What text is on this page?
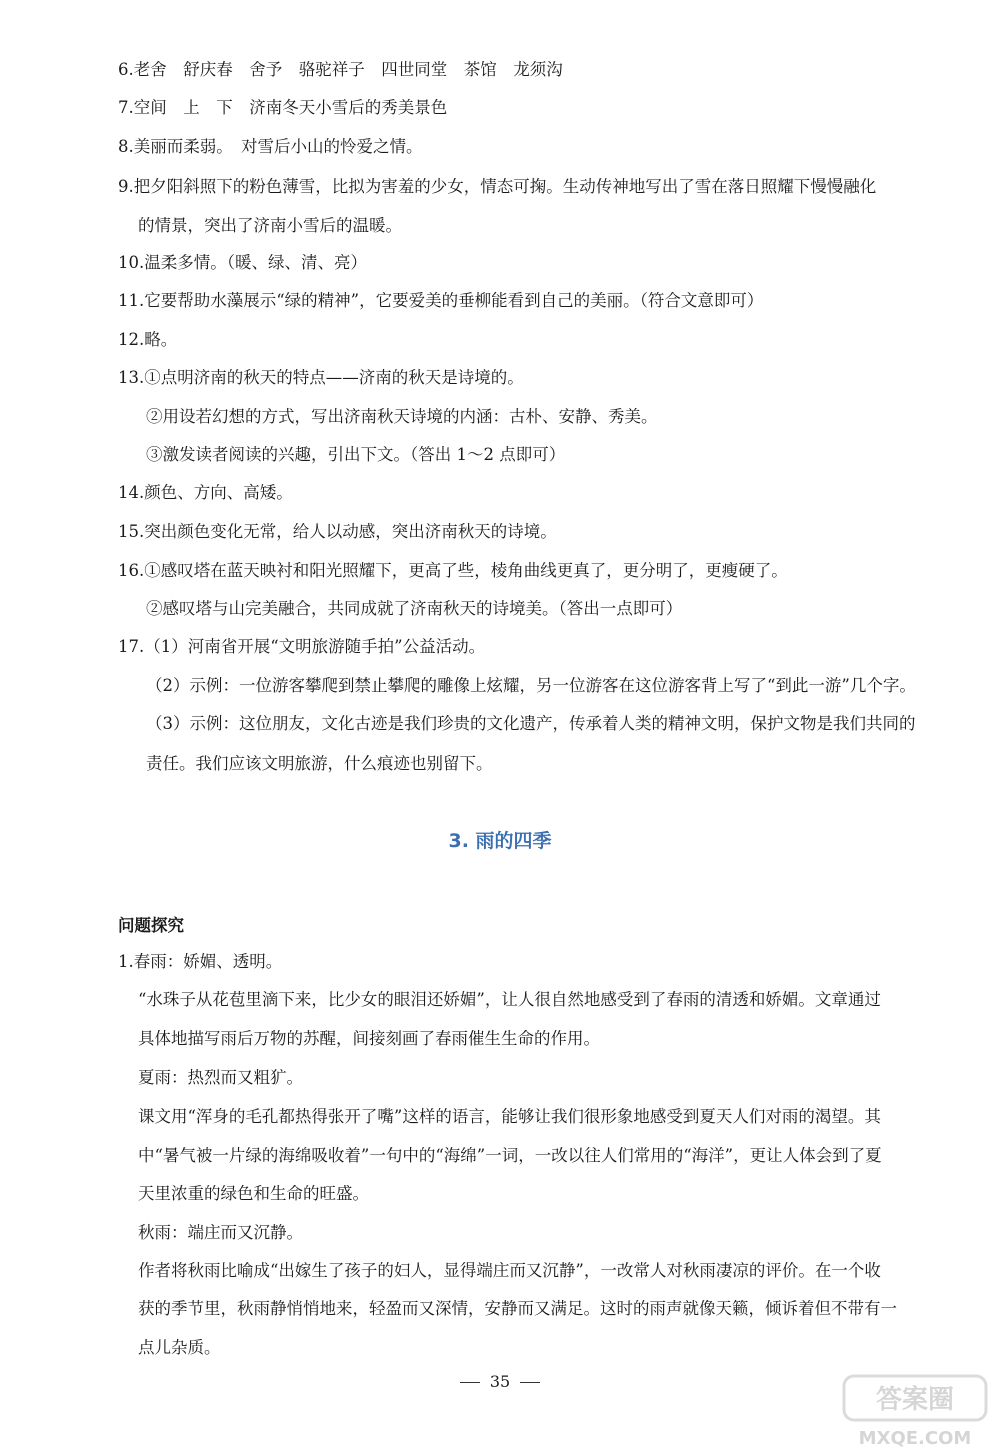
6.老舍　舒庆春　舍予　骆驼祥子　四世同堂　茶馆　龙须沟
7.空间　上　下　济南冬天小雪后的秀美景色
8.美丽而柔弱。　对雪后小山的怜爱之情。
9.把夕阳斜照下的粉色薄雪，比拟为害羞的少女，情态可掬。生动传神地写出了雪在落日照耀下慢慢融化
的情景，突出了济南小雪后的温暖。
10.温柔多情。（暖、绿、清、亮）
11.它要帮助水藻展示“绿的精神”，它要爱美的垂柳能看到自己的美丽。（符合文意即可）
12.略。
13.①点明济南的秋天的特点——济南的秋天是诗境的。
②用设若幻想的方式，写出济南秋天诗境的内涵：古朴、安静、秀美。
③激发读者阅读的兴趣，引出下文。（答出 1～2 点即可）
14.颜色、方向、高矮。
15.突出颜色变化无常，给人以动感，突出济南秋天的诗境。
16.①感叹塔在蓝天映衬和阳光照耀下，更高了些，棱角曲线更真了，更分明了，更瘦硬了。
②感叹塔与山完美融合，共同成就了济南秋天的诗境美。（答出一点即可）
17.（1）河南省开展“文明旅游随手拍”公益活动。
（2）示例：一位游客攀爬到禁止攀爬的雕像上炫耀，另一位游客在这位游客背上写了“到此一游”几个字。
（3）示例：这位朋友，文化古迹是我们珍贵的文化遗产，传承着人类的精神文明，保护文物是我们共同的
责任。我们应该文明旅游，什么痕迹也别留下。
3. 雨的四季
问题探究
1.春雨：娇媚、透明。
“水珠子从花苞里滴下来，比少女的眼泪还娇媚”，让人很自然地感受到了春雨的清透和娇媚。文章通过
具体地描写雨后万物的苏醒，间接刻画了春雨催生生命的作用。
夏雨：热烈而又粗犷。
课文用“浑身的毛孔都热得张开了嘴”这样的语言，能够让我们很形象地感受到夏天人们对雨的渴望。其
中“暑气被一片绿的海绵吸收着”一句中的“海绵”一词，一改以往人们常用的“海洋”，更让人体会到了夏
天里浓重的绿色和生命的旺盛。
秋雨：端庄而又沉静。
作者将秋雨比喻成“出嫁生了孩子的妇人，显得端庄而又沉静”，一改常人对秋雨凄凉的评价。在一个收
获的季节里，秋雨静悄悄地来，轻盈而又深情，安静而又满足。这时的雨声就像天籁，倾诉着但不带有一
点儿杂质。
35
答案圈
MXQE.COM
